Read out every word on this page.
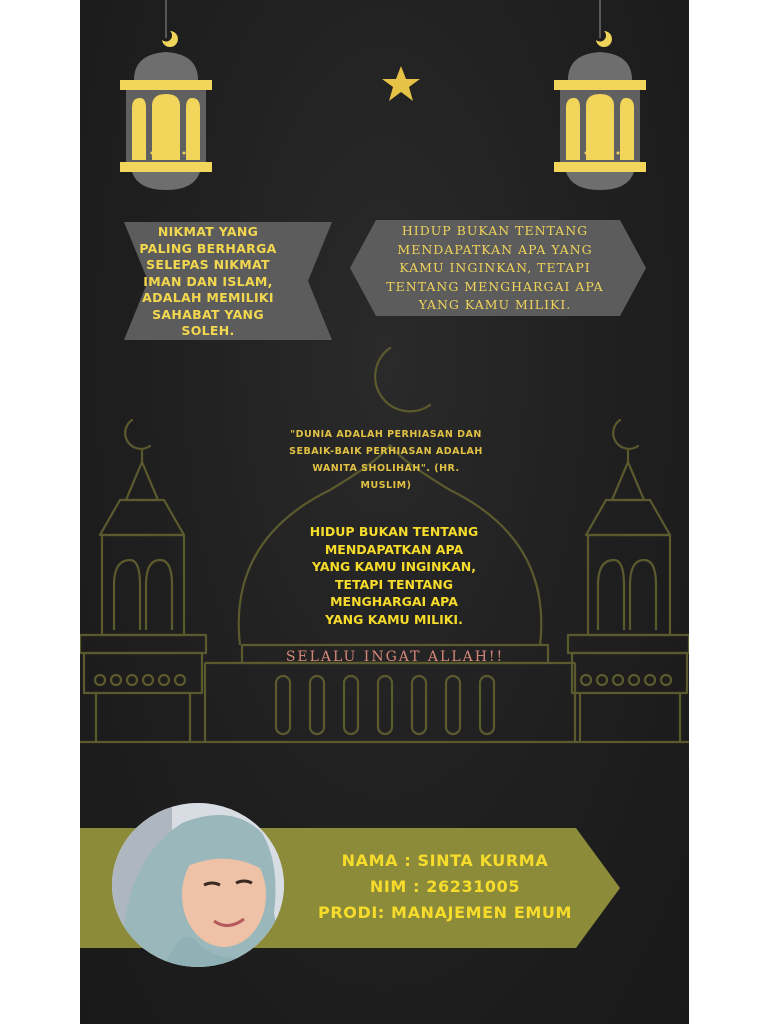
NIKMAT YANG
PALING BERHARGA
SELEPAS NIKMAT
IMAN DAN ISLAM,
ADALAH MEMILIKI
SAHABAT YANG
SOLEH.

HIDUP BUKAN TENTANG
MENDAPATKAN APA YANG
KAMU INGINKAN, TETAPI
TENTANG MENGHARGAI APA
YANG KAMU MILIKI.

"DUNIA ADALAH PERHIASAN DAN
SEBAIK-BAIK PERHIASAN ADALAH
WANITA SHOLIHAH". (HR.
MUSLIM)

HIDUP BUKAN TENTANG
MENDAPATKAN APA
YANG KAMU INGINKAN,
TETAPI TENTANG
MENGHARGAI APA
YANG KAMU MILIKI.

SELALU INGAT ALLAH!!

NAMA : SINTA KURMA
NIM : 26231005
PRODI: MANAJEMEN EMUM
